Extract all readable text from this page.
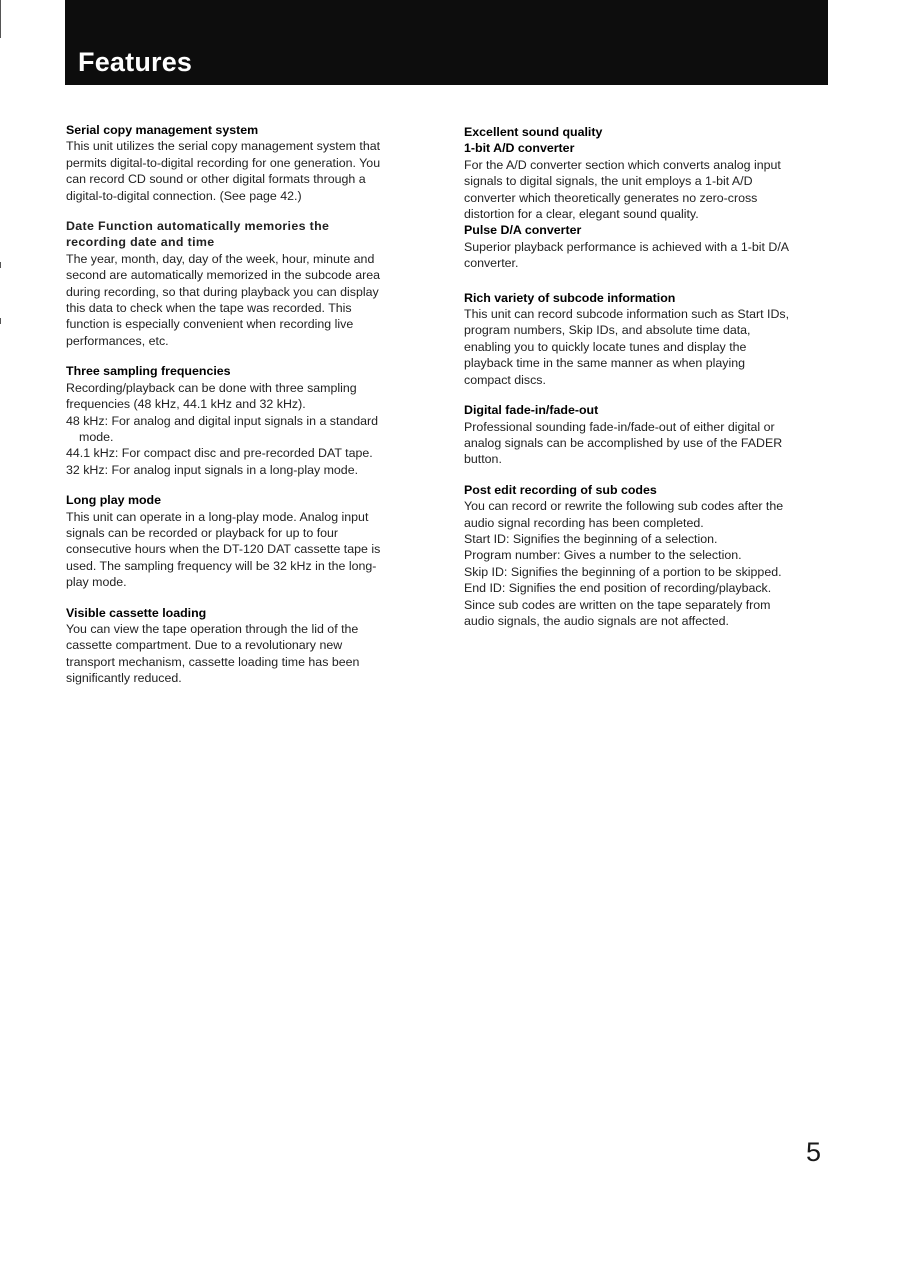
Features
Serial copy management system
This unit utilizes the serial copy management system that
permits digital-to-digital recording for one generation. You
can record CD sound or other digital formats through a
digital-to-digital connection. (See page 42.)
Date Function automatically memories the
recording date and time
The year, month, day, day of the week, hour, minute and
second are automatically memorized in the subcode area
during recording, so that during playback you can display
this data to check when the tape was recorded. This
function is especially convenient when recording live
performances, etc.
Three sampling frequencies
Recording/playback can be done with three sampling
frequencies (48 kHz, 44.1 kHz and 32 kHz).
48 kHz: For analog and digital input signals in a standard
mode.
44.1 kHz: For compact disc and pre-recorded DAT tape.
32 kHz: For analog input signals in a long-play mode.
Long play mode
This unit can operate in a long-play mode. Analog input
signals can be recorded or playback for up to four
consecutive hours when the DT-120 DAT cassette tape is
used. The sampling frequency will be 32 kHz in the long-
play mode.
Visible cassette loading
You can view the tape operation through the lid of the
cassette compartment. Due to a revolutionary new
transport mechanism, cassette loading time has been
significantly reduced.
Excellent sound quality
1-bit A/D converter
For the A/D converter section which converts analog input
signals to digital signals, the unit employs a 1-bit A/D
converter which theoretically generates no zero-cross
distortion for a clear, elegant sound quality.
Pulse D/A converter
Superior playback performance is achieved with a 1-bit D/A
converter.
Rich variety of subcode information
This unit can record subcode information such as Start IDs,
program numbers, Skip IDs, and absolute time data,
enabling you to quickly locate tunes and display the
playback time in the same manner as when playing
compact discs.
Digital fade-in/fade-out
Professional sounding fade-in/fade-out of either digital or
analog signals can be accomplished by use of the FADER
button.
Post edit recording of sub codes
You can record or rewrite the following sub codes after the
audio signal recording has been completed.
Start ID: Signifies the beginning of a selection.
Program number: Gives a number to the selection.
Skip ID: Signifies the beginning of a portion to be skipped.
End ID: Signifies the end position of recording/playback.
Since sub codes are written on the tape separately from
audio signals, the audio signals are not affected.
5
